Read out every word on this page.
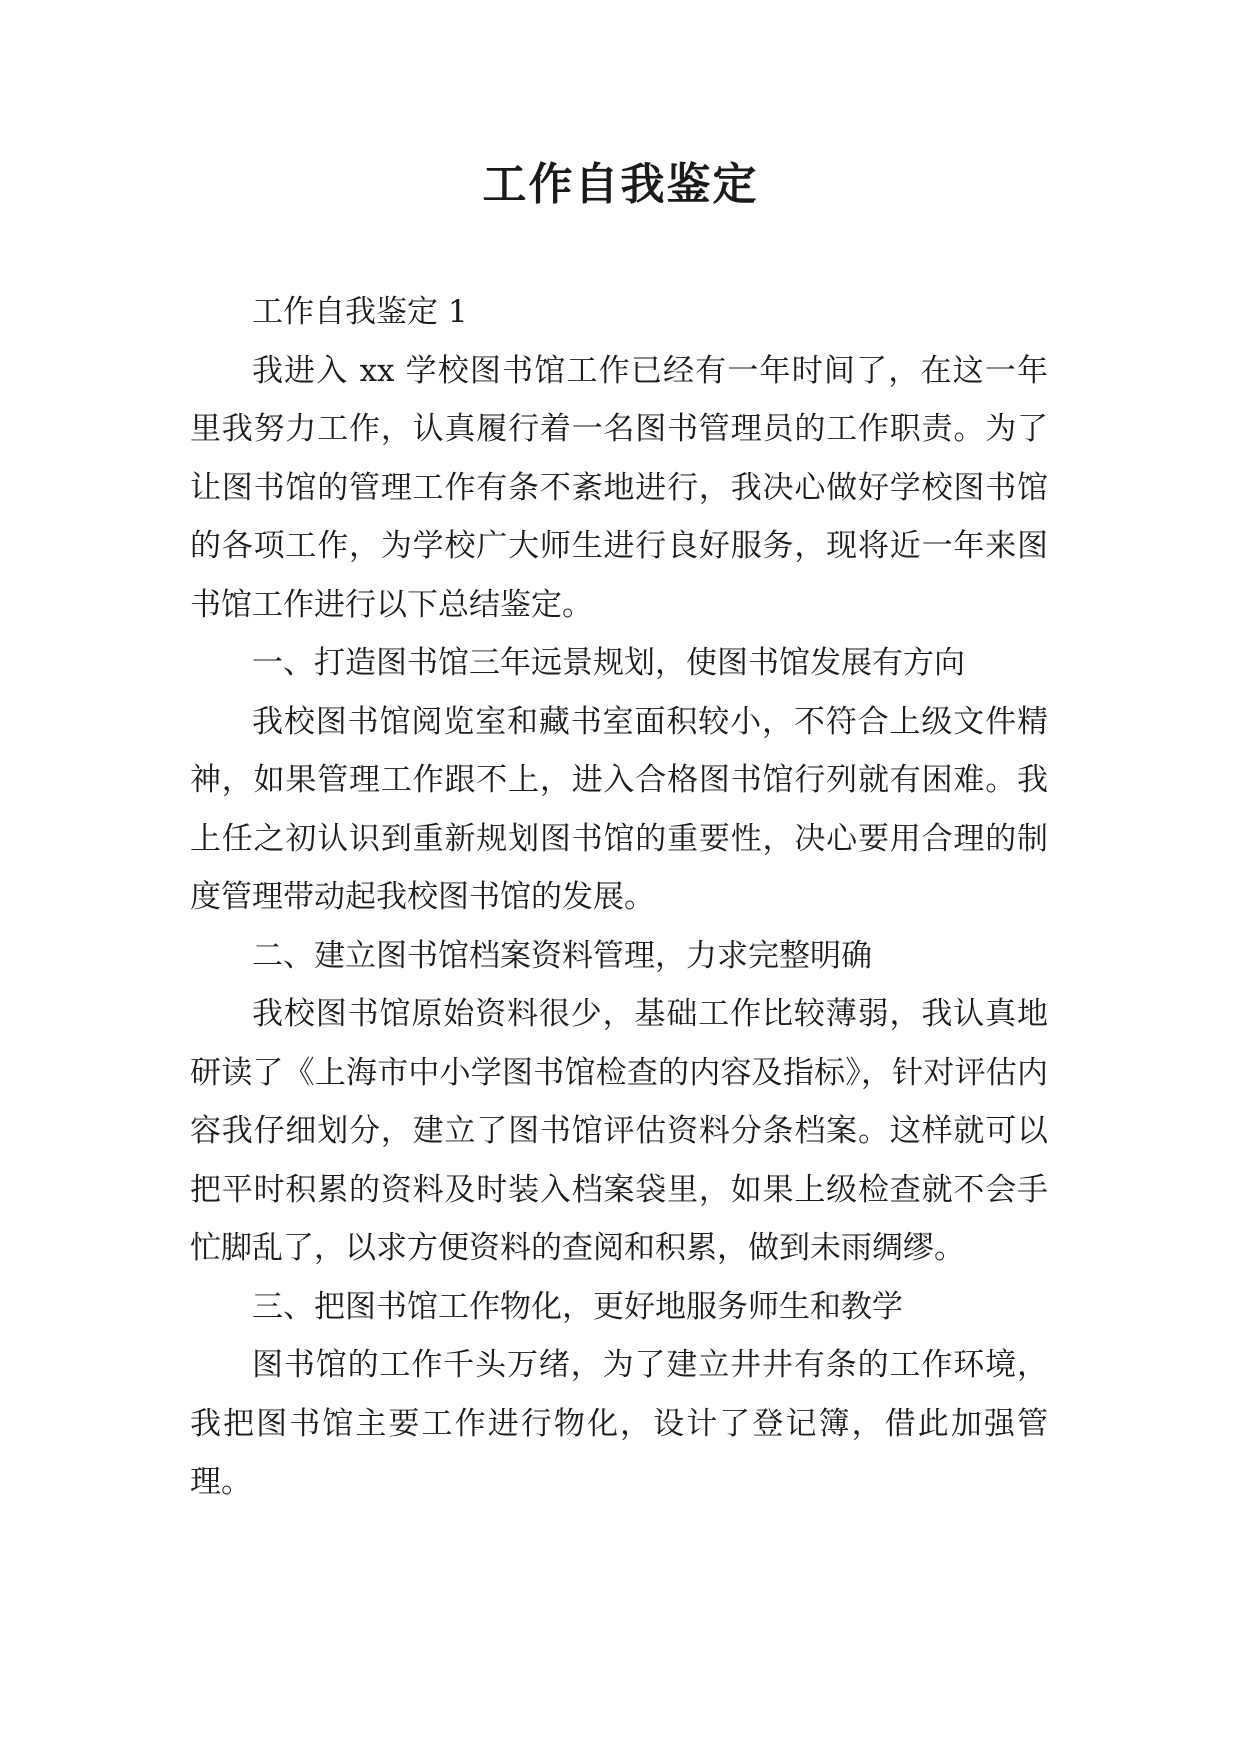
工作自我鉴定

工作自我鉴定 1

我进入 xx 学校图书馆工作已经有一年时间了，在这一年里我努力工作，认真履行着一名图书管理员的工作职责。为了让图书馆的管理工作有条不紊地进行，我决心做好学校图书馆的各项工作，为学校广大师生进行良好服务，现将近一年来图书馆工作进行以下总结鉴定。

一、打造图书馆三年远景规划，使图书馆发展有方向

我校图书馆阅览室和藏书室面积较小，不符合上级文件精神，如果管理工作跟不上，进入合格图书馆行列就有困难。我上任之初认识到重新规划图书馆的重要性，决心要用合理的制度管理带动起我校图书馆的发展。

二、建立图书馆档案资料管理，力求完整明确

我校图书馆原始资料很少，基础工作比较薄弱，我认真地研读了《上海市中小学图书馆检查的内容及指标》，针对评估内容我仔细划分，建立了图书馆评估资料分条档案。这样就可以把平时积累的资料及时装入档案袋里，如果上级检查就不会手忙脚乱了，以求方便资料的查阅和积累，做到未雨绸缪。

三、把图书馆工作物化，更好地服务师生和教学

图书馆的工作千头万绪，为了建立井井有条的工作环境，我把图书馆主要工作进行物化，设计了登记簿，借此加强管理。
